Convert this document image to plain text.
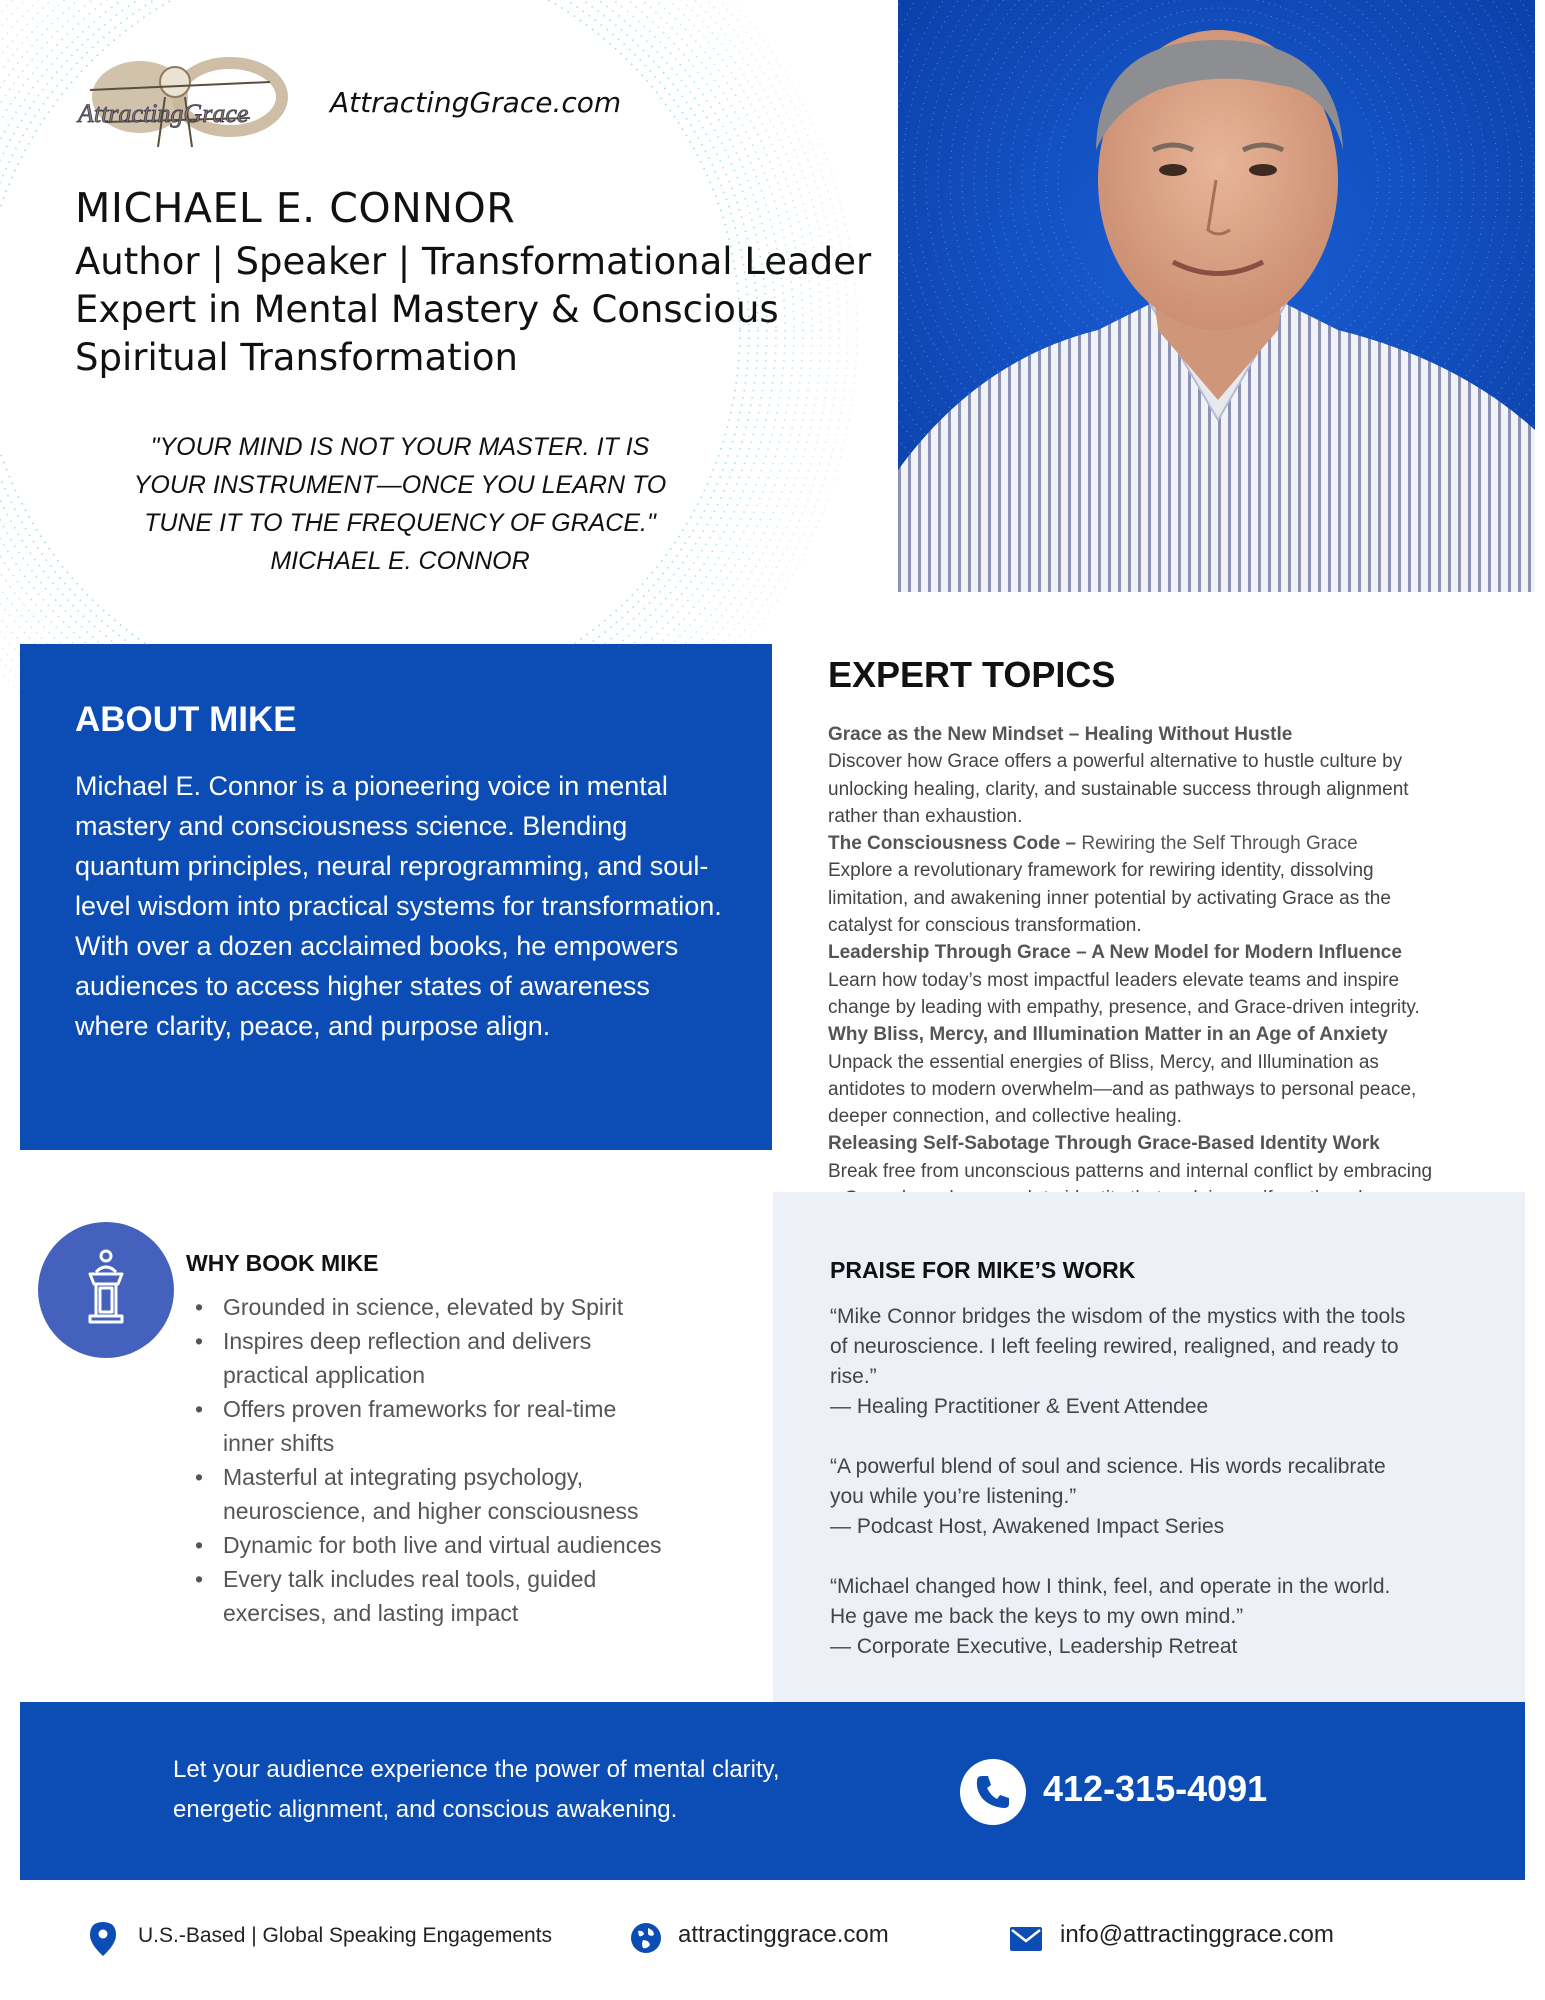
AttractingGrace	AttractingGrace.com
MICHAEL E. CONNOR
Author | Speaker | Transformational Leader
Expert in Mental Mastery & Conscious
Spiritual Transformation
"YOUR MIND IS NOT YOUR MASTER. IT IS
YOUR INSTRUMENT—ONCE YOU LEARN TO
TUNE IT TO THE FREQUENCY OF GRACE."
MICHAEL E. CONNOR
ABOUT MIKE
Michael E. Connor is a pioneering voice in mental mastery and consciousness science. Blending quantum principles, neural reprogramming, and soul-level wisdom into practical systems for transformation. With over a dozen acclaimed books, he empowers audiences to access higher states of awareness where clarity, peace, and purpose align.
EXPERT TOPICS
Grace as the New Mindset – Healing Without Hustle
Discover how Grace offers a powerful alternative to hustle culture by
unlocking healing, clarity, and sustainable success through alignment
rather than exhaustion.
The Consciousness Code – Rewiring the Self Through Grace
Explore a revolutionary framework for rewiring identity, dissolving
limitation, and awakening inner potential by activating Grace as the
catalyst for conscious transformation.
Leadership Through Grace – A New Model for Modern Influence
Learn how today’s most impactful leaders elevate teams and inspire
change by leading with empathy, presence, and Grace-driven integrity.
Why Bliss, Mercy, and Illumination Matter in an Age of Anxiety
Unpack the essential energies of Bliss, Mercy, and Illumination as
antidotes to modern overwhelm—and as pathways to personal peace,
deeper connection, and collective healing.
Releasing Self-Sabotage Through Grace-Based Identity Work
Break free from unconscious patterns and internal conflict by embracing
PRAISE FOR MIKE’S WORK
“Mike Connor bridges the wisdom of the mystics with the tools
of neuroscience. I left feeling rewired, realigned, and ready to
rise.”
— Healing Practitioner & Event Attendee
“A powerful blend of soul and science. His words recalibrate
you while you’re listening.”
— Podcast Host, Awakened Impact Series
“Michael changed how I think, feel, and operate in the world.
He gave me back the keys to my own mind.”
— Corporate Executive, Leadership Retreat
WHY BOOK MIKE
• Grounded in science, elevated by Spirit
• Inspires deep reflection and delivers
practical application
• Offers proven frameworks for real-time
inner shifts
• Masterful at integrating psychology,
neuroscience, and higher consciousness
• Dynamic for both live and virtual audiences
• Every talk includes real tools, guided
exercises, and lasting impact
Let your audience experience the power of mental clarity,
energetic alignment, and conscious awakening.
412-315-4091
U.S.-Based | Global Speaking Engagements	attractinggrace.com	info@attractinggrace.com
